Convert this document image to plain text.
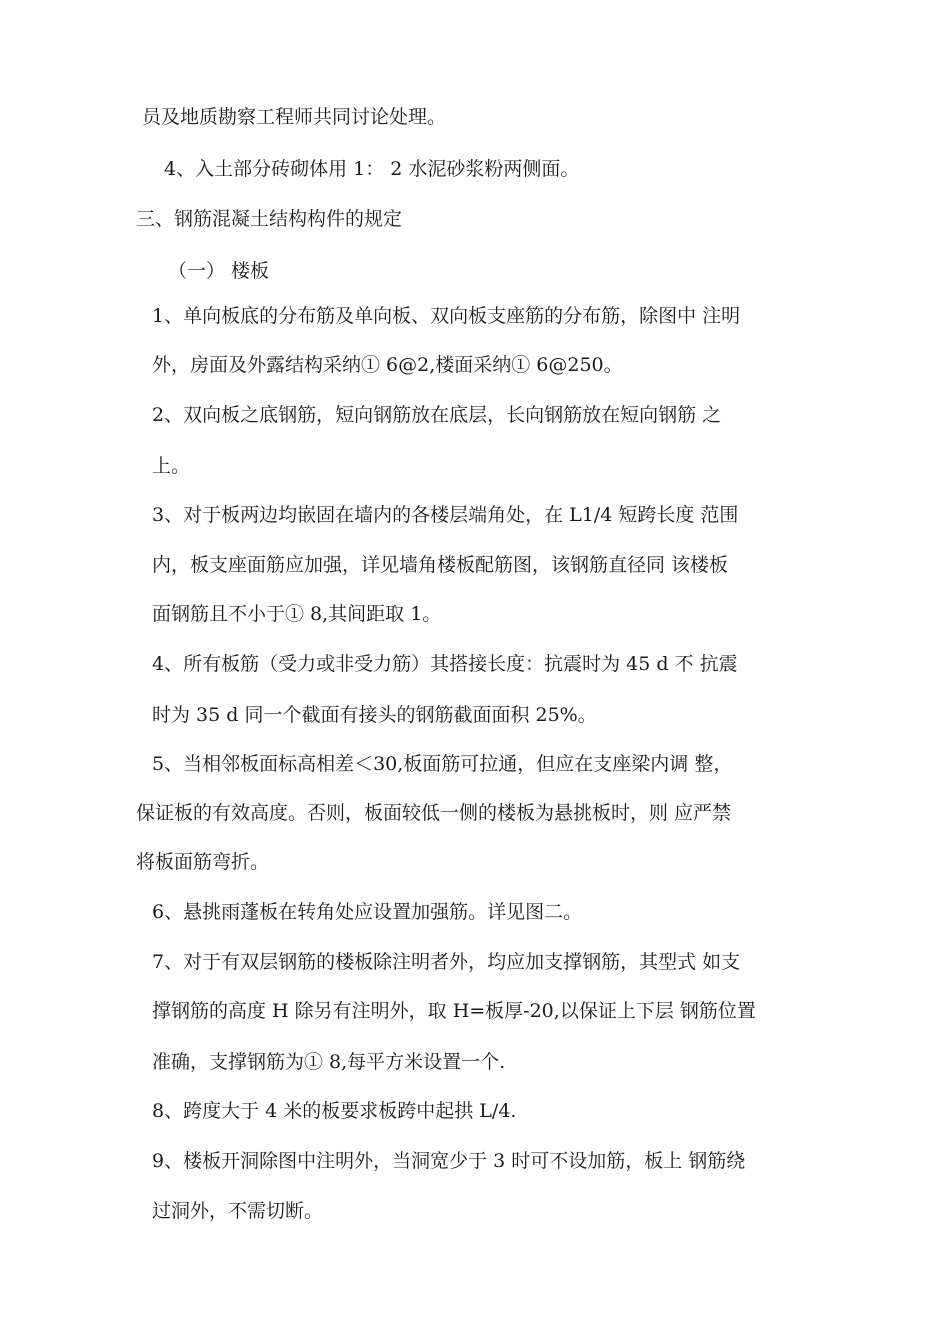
员及地质勘察工程师共同讨论处理。
4、入土部分砖砌体用 1： 2 水泥砂浆粉两侧面。
三、钢筋混凝土结构构件的规定
（一） 楼板
1、单向板底的分布筋及单向板、双向板支座筋的分布筋，除图中 注明
外，房面及外露结构采纳① 6@2,楼面采纳① 6@250。
2、双向板之底钢筋，短向钢筋放在底层，长向钢筋放在短向钢筋 之
上。
3、对于板两边均嵌固在墙内的各楼层端角处，在 L1/4 短跨长度 范围
内，板支座面筋应加强，详见墙角楼板配筋图，该钢筋直径同 该楼板
面钢筋且不小于① 8,其间距取 1。
4、所有板筋（受力或非受力筋）其搭接长度：抗震时为 45 d 不 抗震
时为 35 d 同一个截面有接头的钢筋截面面积 25%。
5、当相邻板面标高相差＜30,板面筋可拉通，但应在支座梁内调 整，
保证板的有效高度。否则，板面较低一侧的楼板为悬挑板时，则 应严禁
将板面筋弯折。
6、悬挑雨蓬板在转角处应设置加强筋。详见图二。
7、对于有双层钢筋的楼板除注明者外，均应加支撑钢筋，其型式 如支
撑钢筋的高度 H 除另有注明外，取 H=板厚-20,以保证上下层 钢筋位置
准确，支撑钢筋为① 8,每平方米设置一个.
8、跨度大于 4 米的板要求板跨中起拱 L/4.
9、楼板开洞除图中注明外，当洞宽少于 3 时可不设加筋，板上 钢筋绕
过洞外，不需切断。
